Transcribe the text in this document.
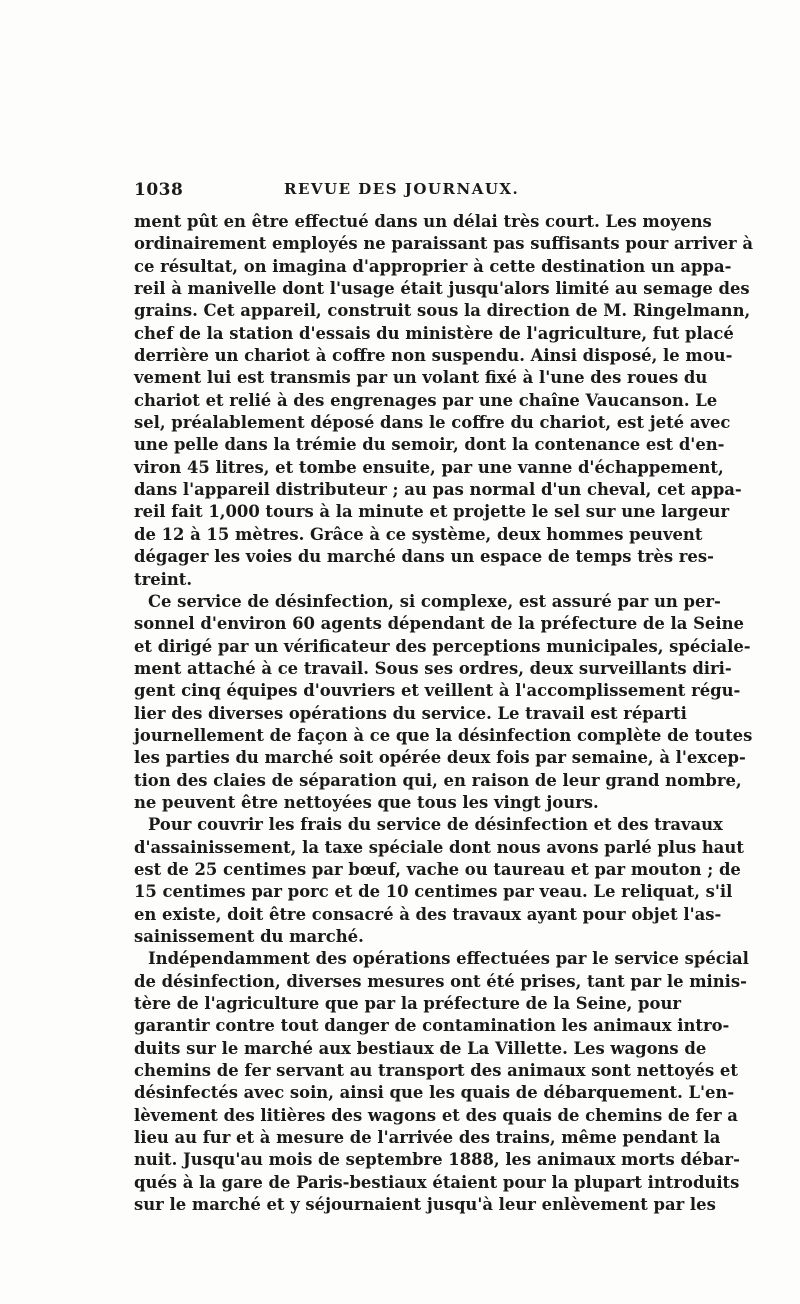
1038	REVUE DES JOURNAUX.
ment pût en être effectué dans un délai très court. Les moyens
ordinairement employés ne paraissant pas suffisants pour arriver à
ce résultat, on imagina d'approprier à cette destination un appa-
reil à manivelle dont l'usage était jusqu'alors limité au semage des
grains. Cet appareil, construit sous la direction de M. Ringelmann,
chef de la station d'essais du ministère de l'agriculture, fut placé
derrière un chariot à coffre non suspendu. Ainsi disposé, le mou-
vement lui est transmis par un volant fixé à l'une des roues du
chariot et relié à des engrenages par une chaîne Vaucanson. Le
sel, préalablement déposé dans le coffre du chariot, est jeté avec
une pelle dans la trémie du semoir, dont la contenance est d'en-
viron 45 litres, et tombe ensuite, par une vanne d'échappement,
dans l'appareil distributeur ; au pas normal d'un cheval, cet appa-
reil fait 1,000 tours à la minute et projette le sel sur une largeur
de 12 à 15 mètres. Grâce à ce système, deux hommes peuvent
dégager les voies du marché dans un espace de temps très res-
treint.
Ce service de désinfection, si complexe, est assuré par un per-
sonnel d'environ 60 agents dépendant de la préfecture de la Seine
et dirigé par un vérificateur des perceptions municipales, spéciale-
ment attaché à ce travail. Sous ses ordres, deux surveillants diri-
gent cinq équipes d'ouvriers et veillent à l'accomplissement régu-
lier des diverses opérations du service. Le travail est réparti
journellement de façon à ce que la désinfection complète de toutes
les parties du marché soit opérée deux fois par semaine, à l'excep-
tion des claies de séparation qui, en raison de leur grand nombre,
ne peuvent être nettoyées que tous les vingt jours.
Pour couvrir les frais du service de désinfection et des travaux
d'assainissement, la taxe spéciale dont nous avons parlé plus haut
est de 25 centimes par bœuf, vache ou taureau et par mouton ; de
15 centimes par porc et de 10 centimes par veau. Le reliquat, s'il
en existe, doit être consacré à des travaux ayant pour objet l'as-
sainissement du marché.
Indépendamment des opérations effectuées par le service spécial
de désinfection, diverses mesures ont été prises, tant par le minis-
tère de l'agriculture que par la préfecture de la Seine, pour
garantir contre tout danger de contamination les animaux intro-
duits sur le marché aux bestiaux de La Villette. Les wagons de
chemins de fer servant au transport des animaux sont nettoyés et
désinfectés avec soin, ainsi que les quais de débarquement. L'en-
lèvement des litières des wagons et des quais de chemins de fer a
lieu au fur et à mesure de l'arrivée des trains, même pendant la
nuit. Jusqu'au mois de septembre 1888, les animaux morts débar-
qués à la gare de Paris-bestiaux étaient pour la plupart introduits
sur le marché et y séjournaient jusqu'à leur enlèvement par les
